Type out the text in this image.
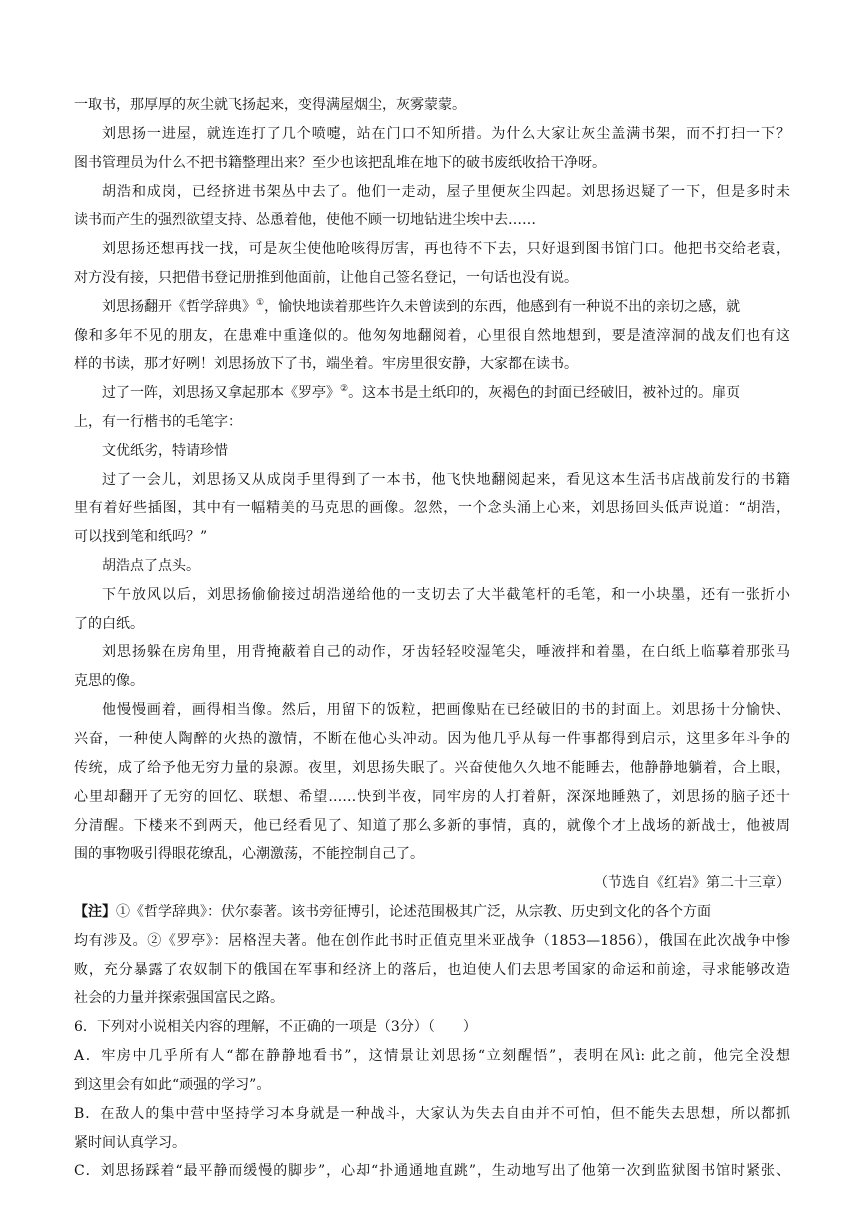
一取书，那厚厚的灰尘就飞扬起来，变得满屋烟尘，灰雾蒙蒙。
刘思扬一进屋，就连连打了几个喷嚏，站在门口不知所措。为什么大家让灰尘盖满书架，而不打扫一下？
图书管理员为什么不把书籍整理出来？至少也该把乱堆在地下的破书废纸收拾干净呀。
胡浩和成岗，已经挤进书架丛中去了。他们一走动，屋子里便灰尘四起。刘思扬迟疑了一下，但是多时未
读书而产生的强烈欲望支持、怂恿着他，使他不顾一切地钻进尘埃中去……
刘思扬还想再找一找，可是灰尘使他呛咳得厉害，再也待不下去，只好退到图书馆门口。他把书交给老袁，
对方没有接，只把借书登记册推到他面前，让他自己签名登记，一句话也没有说。
刘思扬翻开《哲学辞典》①，愉快地读着那些许久未曾读到的东西，他感到有一种说不出的亲切之感，就
像和多年不见的朋友，在患难中重逢似的。他匆匆地翻阅着，心里很自然地想到，要是渣滓洞的战友们也有这
样的书读，那才好咧！刘思扬放下了书，端坐着。牢房里很安静，大家都在读书。
过了一阵，刘思扬又拿起那本《罗亭》②。这本书是土纸印的，灰褐色的封面已经破旧，被补过的。扉页
上，有一行楷书的毛笔字：
文优纸劣，特请珍惜
过了一会儿，刘思扬又从成岗手里得到了一本书，他飞快地翻阅起来，看见这本生活书店战前发行的书籍
里有着好些插图，其中有一幅精美的马克思的画像。忽然，一个念头涌上心来，刘思扬回头低声说道：“胡浩，
可以找到笔和纸吗？”
胡浩点了点头。
下午放风以后，刘思扬偷偷接过胡浩递给他的一支切去了大半截笔杆的毛笔，和一小块墨，还有一张折小
了的白纸。
刘思扬躲在房角里，用背掩蔽着自己的动作，牙齿轻轻咬湿笔尖，唾液拌和着墨，在白纸上临摹着那张马
克思的像。
他慢慢画着，画得相当像。然后，用留下的饭粒，把画像贴在已经破旧的书的封面上。刘思扬十分愉快、
兴奋，一种使人陶醉的火热的激情，不断在他心头冲动。因为他几乎从每一件事都得到启示，这里多年斗争的
传统，成了给予他无穷力量的泉源。夜里，刘思扬失眠了。兴奋使他久久地不能睡去，他静静地躺着，合上眼，
心里却翻开了无穷的回忆、联想、希望……快到半夜，同牢房的人打着鼾，深深地睡熟了，刘思扬的脑子还十
分清醒。下楼来不到两天，他已经看见了、知道了那么多新的事情，真的，就像个才上战场的新战士，他被周
围的事物吸引得眼花缭乱，心潮激荡，不能控制自己了。
（节选自《红岩》第二十三章）
【注】①《哲学辞典》：伏尔泰著。该书旁征博引，论述范围极其广泛，从宗教、历史到文化的各个方面
均有涉及。②《罗亭》：居格涅夫著。他在创作此书时正值克里米亚战争（1853—1856），俄国在此次战争中惨
败，充分暴露了农奴制下的俄国在军事和经济上的落后，也迫使人们去思考国家的命运和前途，寻求能够改造
社会的力量并探索强国富民之路。
6．下列对小说相关内容的理解，不正确的一项是（3分）（　　）
A．牢房中几乎所有人“都在静静地看书”，这情景让刘思扬“立刻醒悟”，表明在风ì: 此之前，他完全没想
到这里会有如此“顽强的学习”。
B．在敌人的集中营中坚持学习本身就是一种战斗，大家认为失去自由并不可怕，但不能失去思想，所以都抓
紧时间认真学习。
C．刘思扬踩着“最平静而缓慢的脚步”，心却“扑通通地直跳”，生动地写出了他第一次到监狱图书馆时紧张、
